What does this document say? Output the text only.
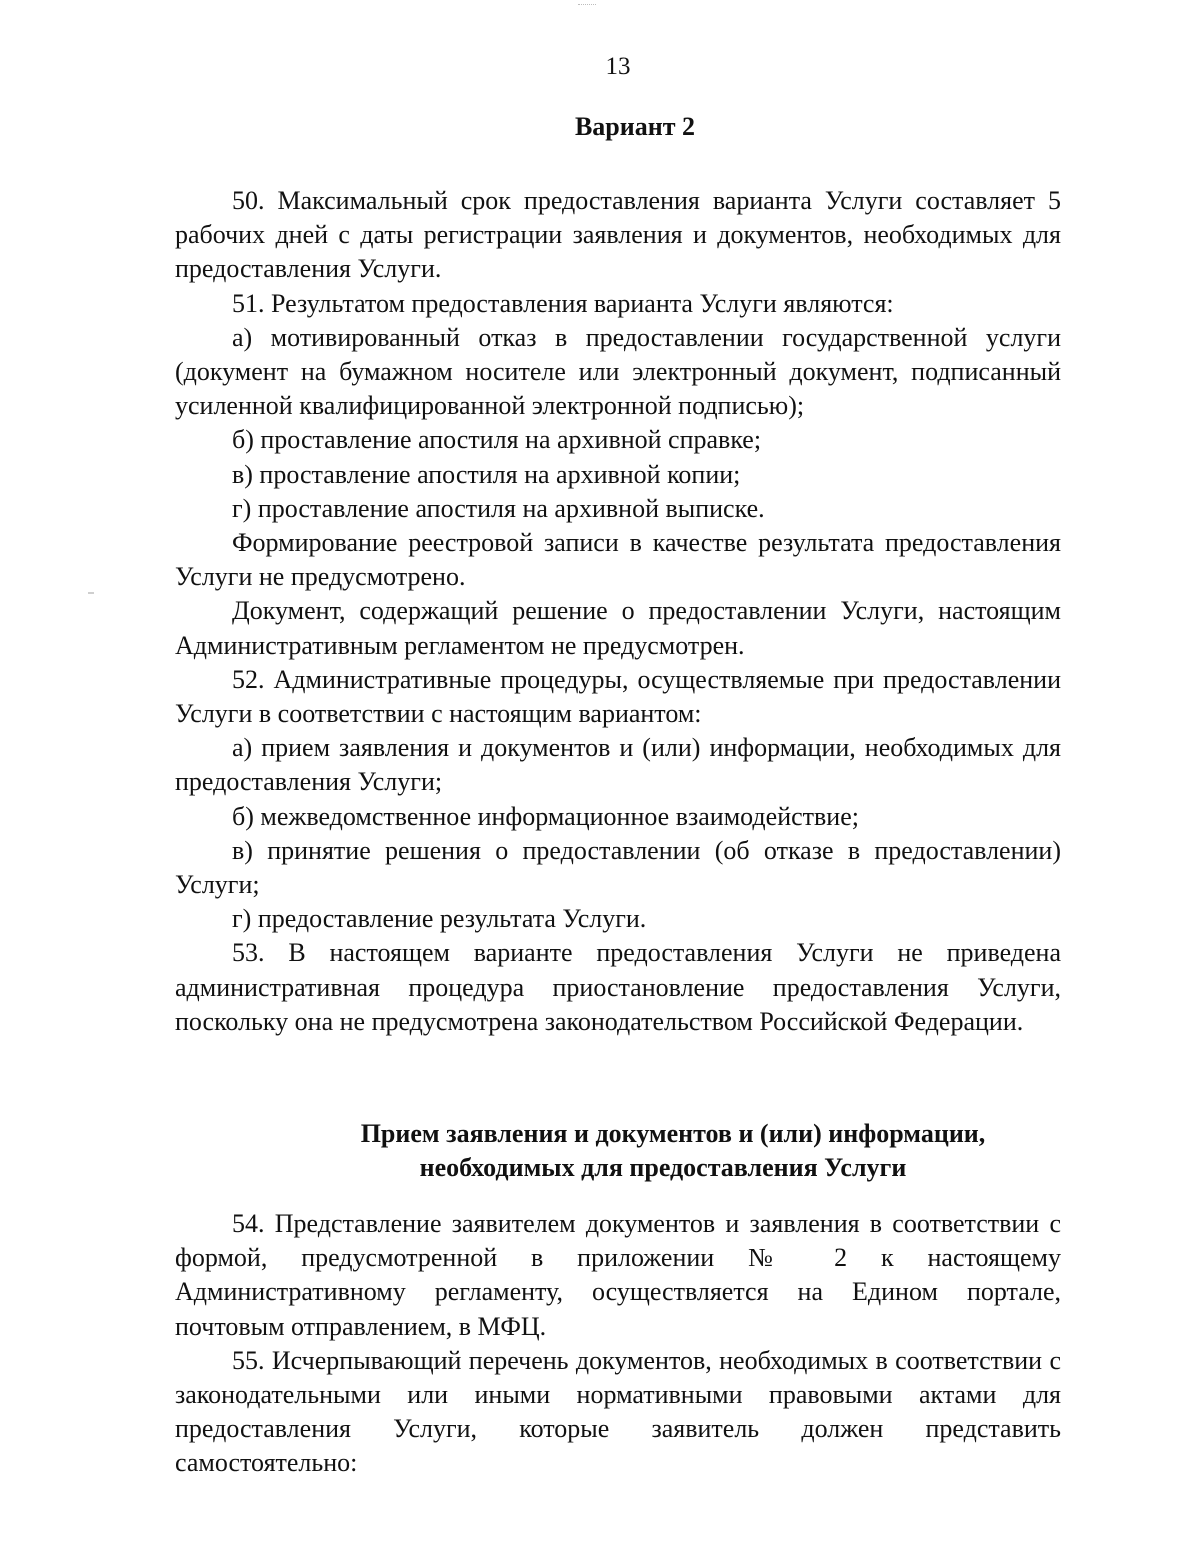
13
Вариант 2

50. Максимальный срок предоставления варианта Услуги составляет 5 рабочих дней с даты регистрации заявления и документов, необходимых для предоставления Услуги.

51. Результатом предоставления варианта Услуги являются:

а) мотивированный отказ в предоставлении государственной услуги (документ на бумажном носителе или электронный документ, подписанный усиленной квалифицированной электронной подписью);

б) проставление апостиля на архивной справке;

в) проставление апостиля на архивной копии;

г) проставление апостиля на архивной выписке.

Формирование реестровой записи в качестве результата предоставления Услуги не предусмотрено.

Документ, содержащий решение о предоставлении Услуги, настоящим Административным регламентом не предусмотрен.

52. Административные процедуры, осуществляемые при предоставлении Услуги в соответствии с настоящим вариантом:

а) прием заявления и документов и (или) информации, необходимых для предоставления Услуги;

б) межведомственное информационное взаимодействие;

в) принятие решения о предоставлении (об отказе в предоставлении) Услуги;

г) предоставление результата Услуги.

53. В настоящем варианте предоставления Услуги не приведена административная процедура приостановление предоставления Услуги, поскольку она не предусмотрена законодательством Российской Федерации.

Прием заявления и документов и (или) информации,
необходимых для предоставления Услуги

54. Представление заявителем документов и заявления в соответствии с формой, предусмотренной в приложении № 2 к настоящему Административному регламенту, осуществляется на Едином портале, почтовым отправлением, в МФЦ.

55. Исчерпывающий перечень документов, необходимых в соответствии с законодательными или иными нормативными правовыми актами для предоставления Услуги, которые заявитель должен представить самостоятельно:
